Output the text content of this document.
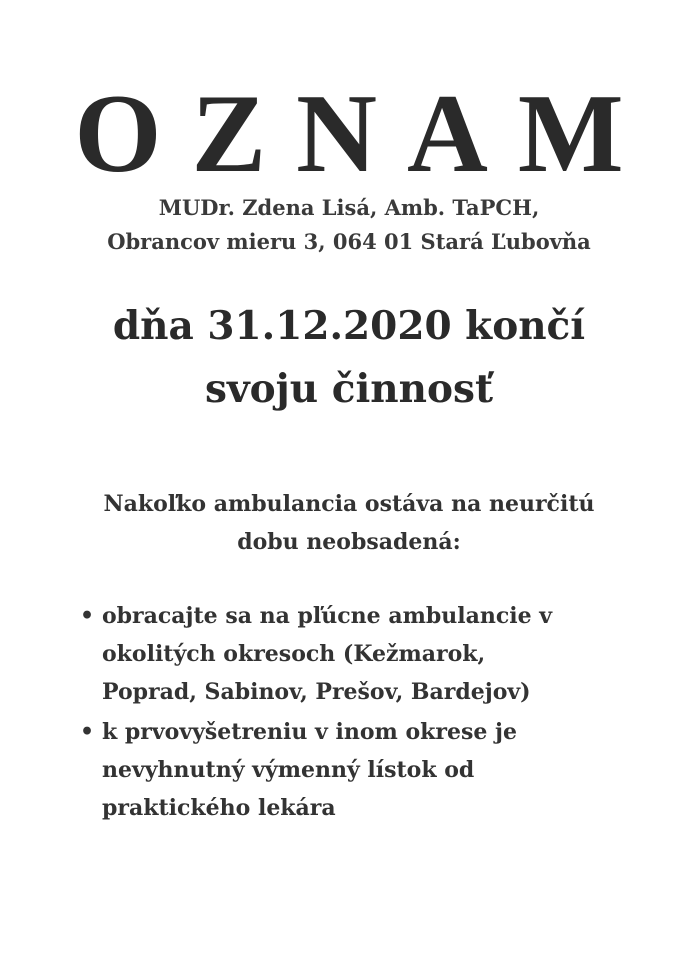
OZNAM
MUDr. Zdena Lisá, Amb. TaPCH,
Obrancov mieru 3, 064 01 Stará Ľubovňa
dňa 31.12.2020 končí
svoju činnosť
Nakoľko ambulancia ostáva na neurčitú
dobu neobsadená:
• obracajte sa na pľúcne ambulancie v
okolitých okresoch (Kežmarok,
Poprad, Sabinov, Prešov, Bardejov)
• k prvovyšetreniu v inom okrese je
nevyhnutný výmenný lístok od
praktického lekára
